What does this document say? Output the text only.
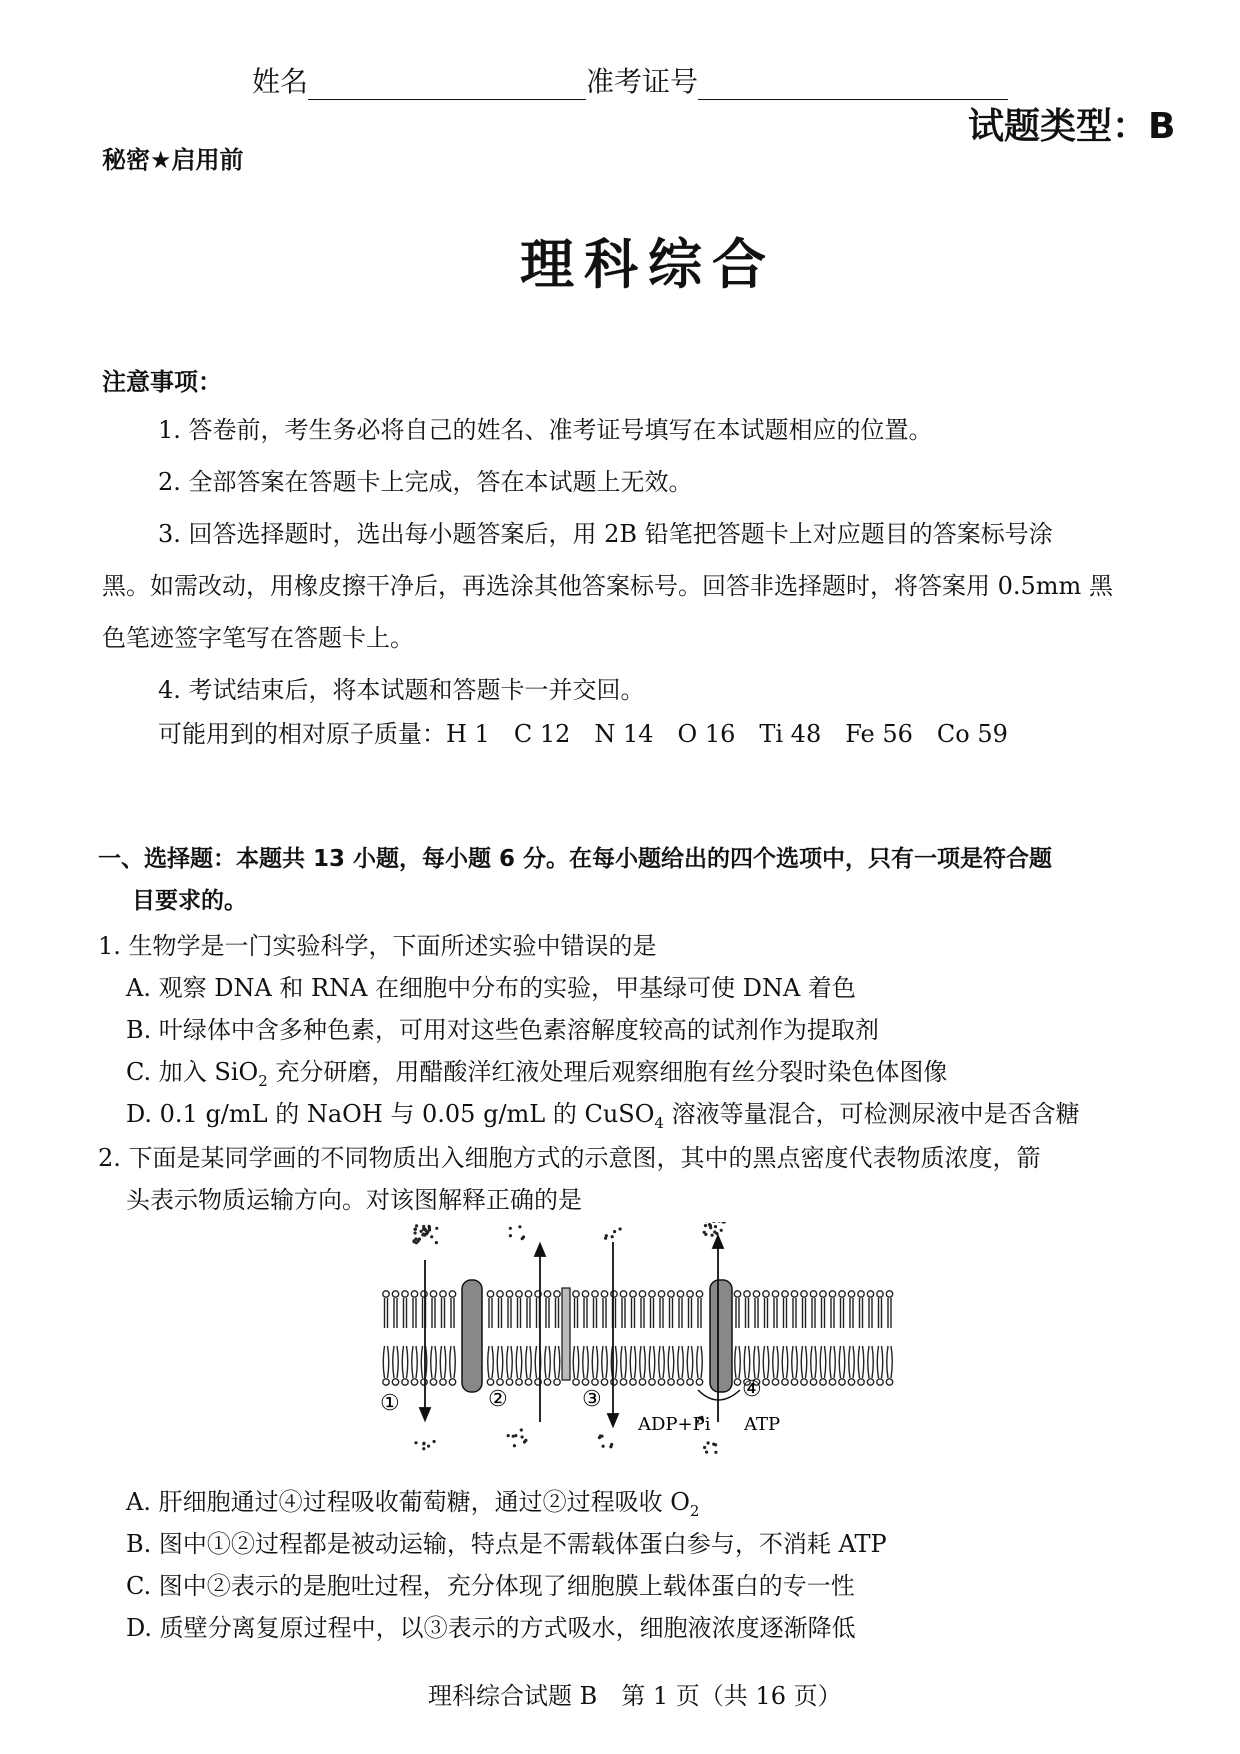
姓名	准考证号
试题类型：B
秘密★启用前
理科综合
注意事项：
1. 答卷前，考生务必将自己的姓名、准考证号填写在本试题相应的位置。
2. 全部答案在答题卡上完成，答在本试题上无效。
3. 回答选择题时，选出每小题答案后，用 2B 铅笔把答题卡上对应题目的答案标号涂
黑。如需改动，用橡皮擦干净后，再选涂其他答案标号。回答非选择题时，将答案用 0.5mm 黑
色笔迹签字笔写在答题卡上。
4. 考试结束后，将本试题和答题卡一并交回。
可能用到的相对原子质量：H 1　C 12　N 14　O 16　Ti 48　Fe 56　Co 59
一、选择题：本题共 13 小题，每小题 6 分。在每小题给出的四个选项中，只有一项是符合题
目要求的。
1. 生物学是一门实验科学，下面所述实验中错误的是
A. 观察 DNA 和 RNA 在细胞中分布的实验，甲基绿可使 DNA 着色
B. 叶绿体中含多种色素，可用对这些色素溶解度较高的试剂作为提取剂
C. 加入 SiO$_2$ 充分研磨，用醋酸洋红液处理后观察细胞有丝分裂时染色体图像
D. 0.1 g/mL 的 NaOH 与 0.05 g/mL 的 CuSO$_4$ 溶液等量混合，可检测尿液中是否含糖
2. 下面是某同学画的不同物质出入细胞方式的示意图，其中的黑点密度代表物质浓度，箭
头表示物质运输方向。对该图解释正确的是
①	②	③	④
ADP+Pi ATP
A. 肝细胞通过④过程吸收葡萄糖，通过②过程吸收 $O_2$
B. 图中①②过程都是被动运输，特点是不需载体蛋白参与，不消耗 ATP
C. 图中②表示的是胞吐过程，充分体现了细胞膜上载体蛋白的专一性
D. 质壁分离复原过程中，以③表示的方式吸水，细胞液浓度逐渐降低
理科综合试题 B　第 1 页（共 16 页）
